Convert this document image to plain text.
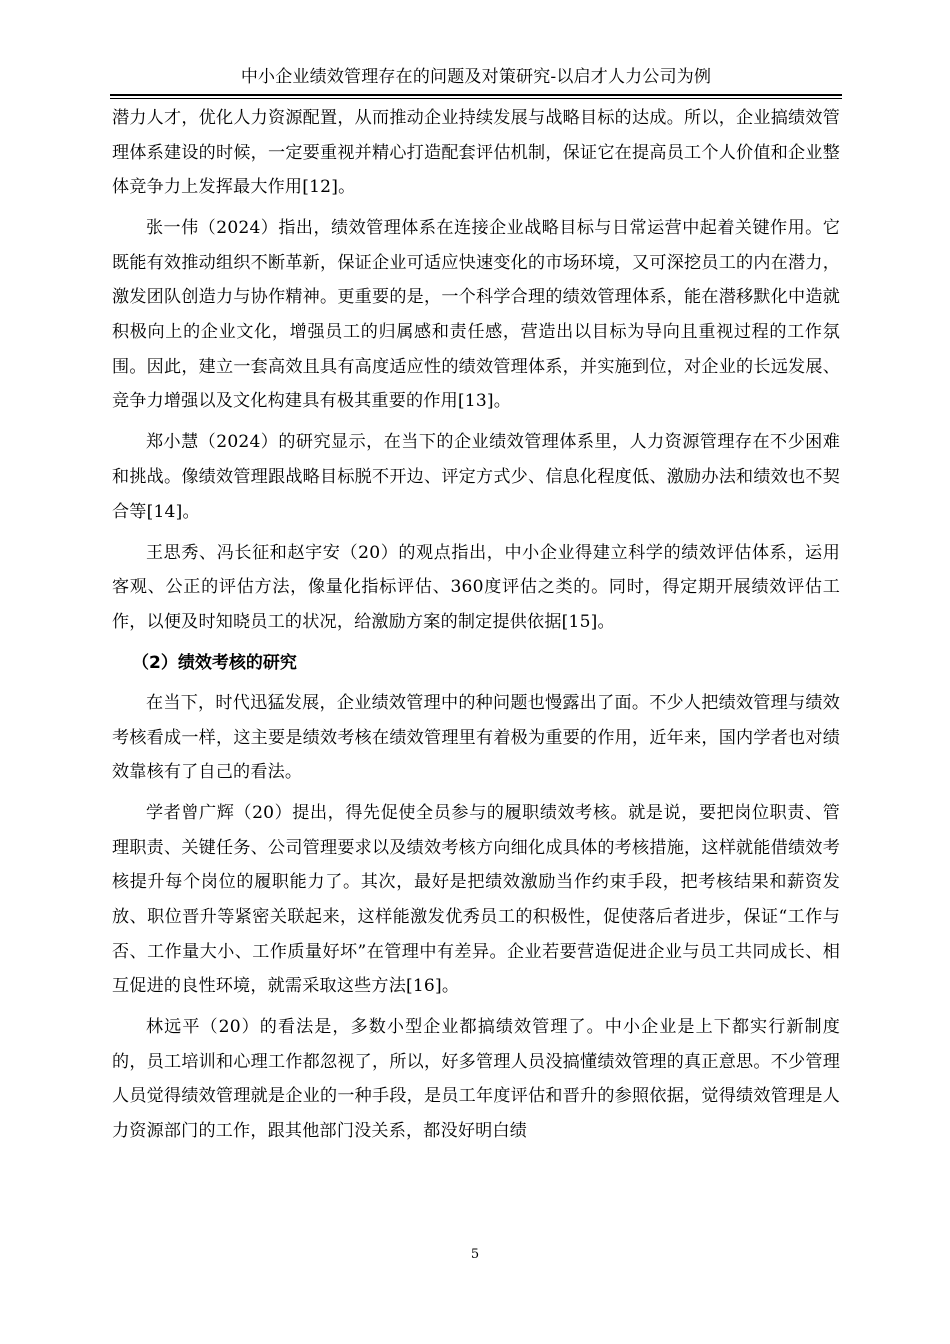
中小企业绩效管理存在的问题及对策研究-以启才人力公司为例

潜力人才，优化人力资源配置，从而推动企业持续发展与战略目标的达成。所以，企业搞绩效管理体系建设的时候，一定要重视并精心打造配套评估机制，保证它在提高员工个人价值和企业整体竞争力上发挥最大作用[12]。

张一伟（2024）指出，绩效管理体系在连接企业战略目标与日常运营中起着关键作用。它既能有效推动组织不断革新，保证企业可适应快速变化的市场环境，又可深挖员工的内在潜力，激发团队创造力与协作精神。更重要的是，一个科学合理的绩效管理体系，能在潜移默化中造就积极向上的企业文化，增强员工的归属感和责任感，营造出以目标为导向且重视过程的工作氛围。因此，建立一套高效且具有高度适应性的绩效管理体系，并实施到位，对企业的长远发展、竞争力增强以及文化构建具有极其重要的作用[13]。

郑小慧（2024）的研究显示，在当下的企业绩效管理体系里，人力资源管理存在不少困难和挑战。像绩效管理跟战略目标脱不开边、评定方式少、信息化程度低、激励办法和绩效也不契合等[14]。

王思秀、冯长征和赵宇安（20）的观点指出，中小企业得建立科学的绩效评估体系，运用客观、公正的评估方法，像量化指标评估、360度评估之类的。同时，得定期开展绩效评估工作，以便及时知晓员工的状况，给激励方案的制定提供依据[15]。

（2）绩效考核的研究

在当下，时代迅猛发展，企业绩效管理中的种问题也慢露出了面。不少人把绩效管理与绩效考核看成一样，这主要是绩效考核在绩效管理里有着极为重要的作用，近年来，国内学者也对绩效靠核有了自己的看法。

学者曾广辉（20）提出，得先促使全员参与的履职绩效考核。就是说，要把岗位职责、管理职责、关键任务、公司管理要求以及绩效考核方向细化成具体的考核措施，这样就能借绩效考核提升每个岗位的履职能力了。其次，最好是把绩效激励当作约束手段，把考核结果和薪资发放、职位晋升等紧密关联起来，这样能激发优秀员工的积极性，促使落后者进步，保证“工作与否、工作量大小、工作质量好坏”在管理中有差异。企业若要营造促进企业与员工共同成长、相互促进的良性环境，就需采取这些方法[16]。

林远平（20）的看法是，多数小型企业都搞绩效管理了。中小企业是上下都实行新制度的，员工培训和心理工作都忽视了，所以，好多管理人员没搞懂绩效管理的真正意思。不少管理人员觉得绩效管理就是企业的一种手段，是员工年度评估和晋升的参照依据，觉得绩效管理是人力资源部门的工作，跟其他部门没关系，都没好明白绩

5
